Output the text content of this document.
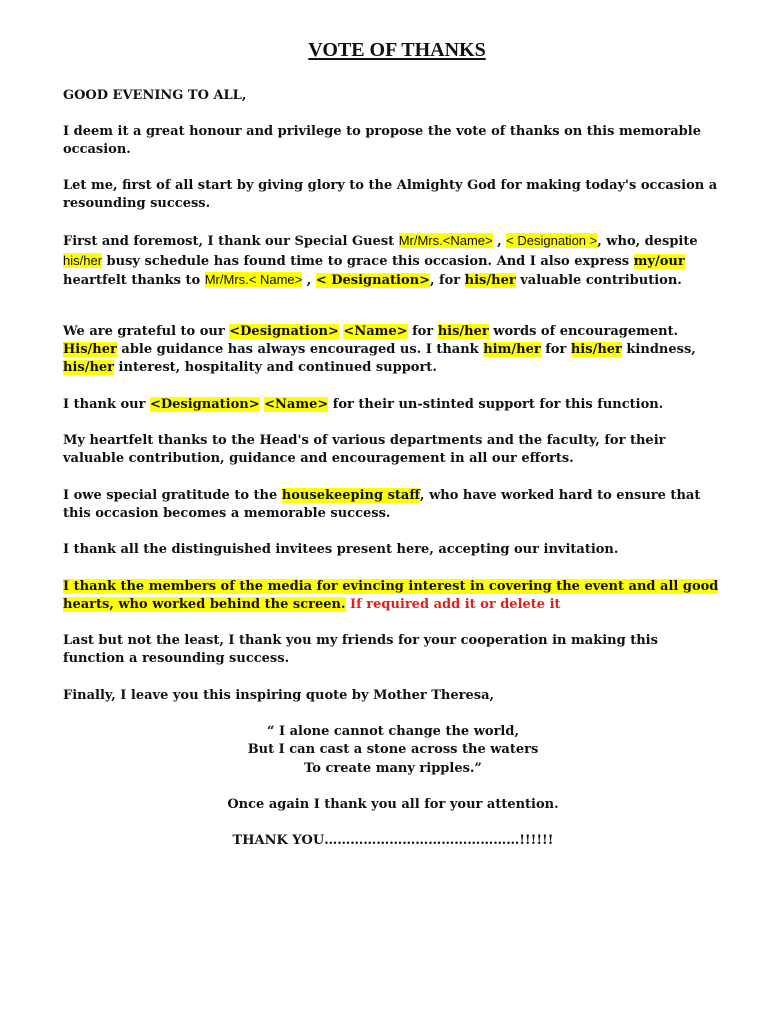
VOTE OF THANKS

GOOD EVENING TO ALL,

I deem it a great honour and privilege to propose the vote of thanks on this memorable occasion.

Let me, first of all start by giving glory to the Almighty God for making today's occasion a resounding success.

First and foremost, I thank our Special Guest Mr/Mrs.<Name> , < Designation >, who, despite his/her busy schedule has found time to grace this occasion. And I also express my/our heartfelt thanks to Mr/Mrs.< Name> , < Designation>, for his/her valuable contribution.

We are grateful to our <Designation> <Name> for his/her words of encouragement. His/her able guidance has always encouraged us. I thank him/her for his/her kindness, his/her interest, hospitality and continued support.

I thank our <Designation> <Name> for their un-stinted support for this function.

My heartfelt thanks to the Head's of various departments and the faculty, for their valuable contribution, guidance and encouragement in all our efforts.

I owe special gratitude to the housekeeping staff, who have worked hard to ensure that this occasion becomes a memorable success.

I thank all the distinguished invitees present here, accepting our invitation.

I thank the members of the media for evincing interest in covering the event and all good hearts, who worked behind the screen. If required add it or delete it

Last but not the least, I thank you my friends for your cooperation in making this function a resounding success.

Finally, I leave you this inspiring quote by Mother Theresa,

“ I alone cannot change the world,

But I can cast a stone across the waters

To create many ripples.”

Once again I thank you all for your attention.

THANK YOU………………………………………!!!!!!
